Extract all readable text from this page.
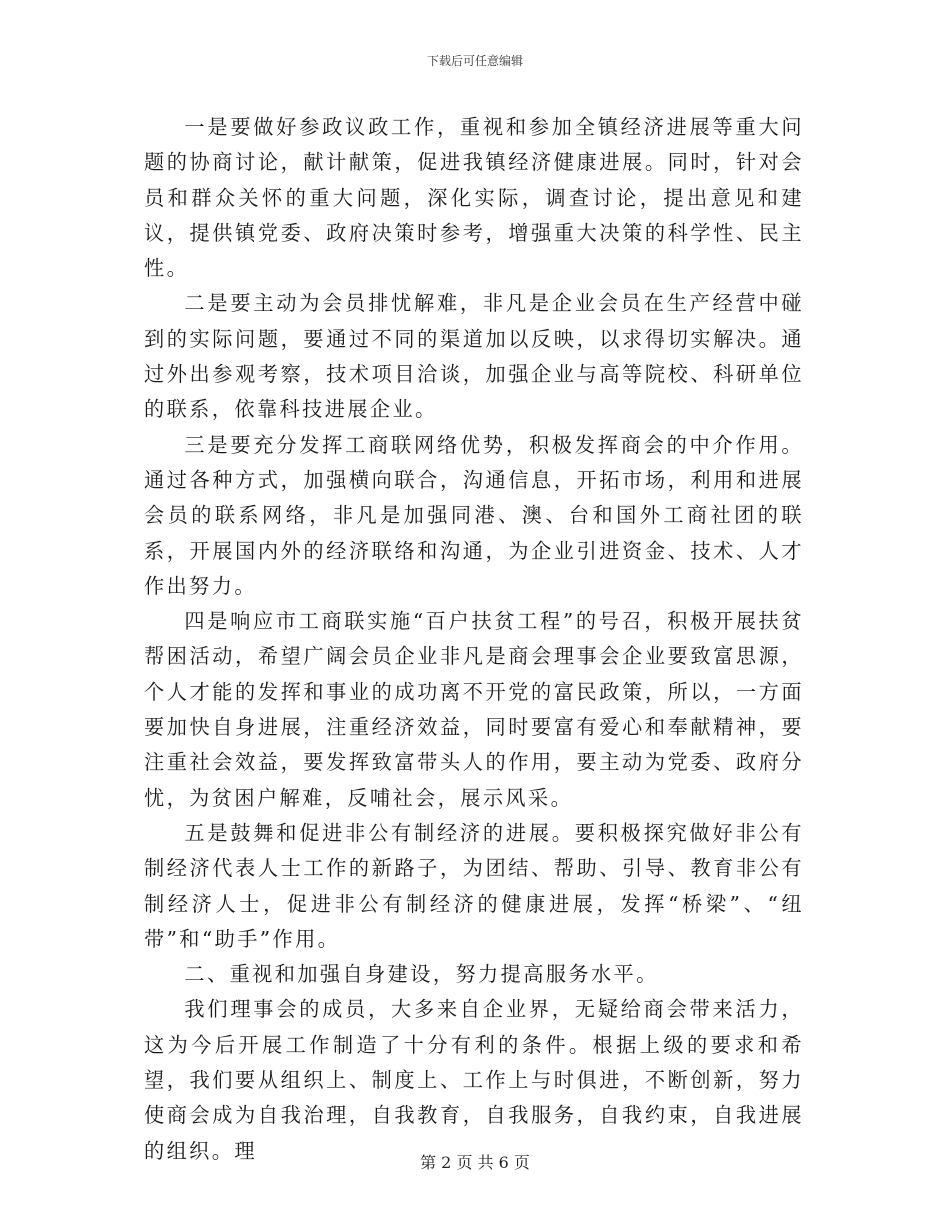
下载后可任意编辑

一是要做好参政议政工作，重视和参加全镇经济进展等重大问题的协商讨论，献计献策，促进我镇经济健康进展。同时，针对会员和群众关怀的重大问题，深化实际，调查讨论，提出意见和建议，提供镇党委、政府决策时参考，增强重大决策的科学性、民主性。

二是要主动为会员排忧解难，非凡是企业会员在生产经营中碰到的实际问题，要通过不同的渠道加以反映，以求得切实解决。通过外出参观考察，技术项目洽谈，加强企业与高等院校、科研单位的联系，依靠科技进展企业。

三是要充分发挥工商联网络优势，积极发挥商会的中介作用。通过各种方式，加强横向联合，沟通信息，开拓市场，利用和进展会员的联系网络，非凡是加强同港、澳、台和国外工商社团的联系，开展国内外的经济联络和沟通，为企业引进资金、技术、人才作出努力。

四是响应市工商联实施“百户扶贫工程”的号召，积极开展扶贫帮困活动，希望广阔会员企业非凡是商会理事会企业要致富思源，个人才能的发挥和事业的成功离不开党的富民政策，所以，一方面要加快自身进展，注重经济效益，同时要富有爱心和奉献精神，要注重社会效益，要发挥致富带头人的作用，要主动为党委、政府分忧，为贫困户解难，反哺社会，展示风采。

五是鼓舞和促进非公有制经济的进展。要积极探究做好非公有制经济代表人士工作的新路子，为团结、帮助、引导、教育非公有制经济人士，促进非公有制经济的健康进展，发挥“桥梁”、“纽带”和“助手”作用。

二、重视和加强自身建设，努力提高服务水平。

我们理事会的成员，大多来自企业界，无疑给商会带来活力，这为今后开展工作制造了十分有利的条件。根据上级的要求和希望，我们要从组织上、制度上、工作上与时俱进，不断创新，努力使商会成为自我治理，自我教育，自我服务，自我约束，自我进展的组织。理	第 2 页 共 6 页
